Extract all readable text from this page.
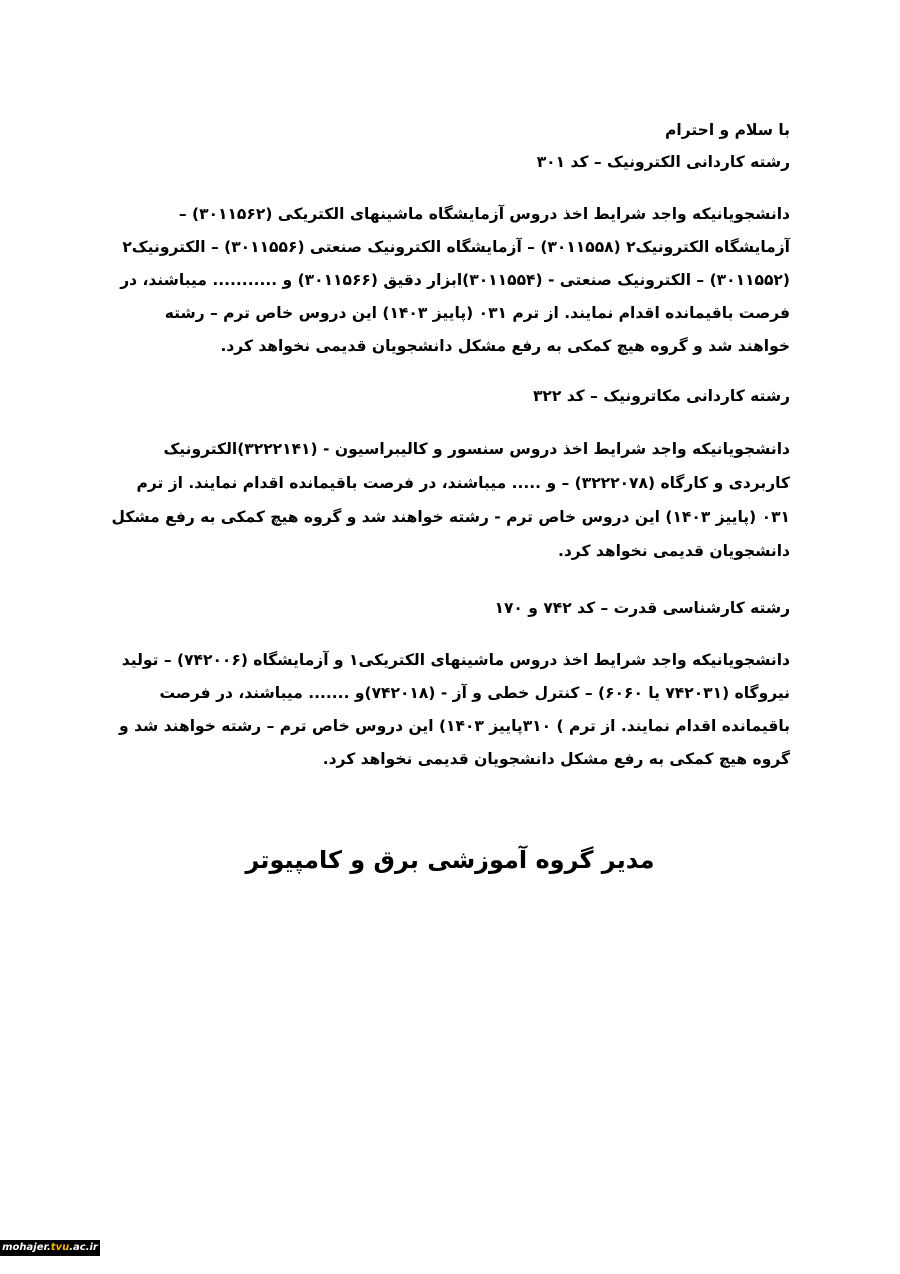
با سلام و احترام

رشته کاردانی الکترونیک – کد ۳۰۱

دانشجویانیکه واجد شرایط اخذ دروس آزمایشگاه ماشینهای الکتریکی (۳۰۱۱۵۶۲) – آزمایشگاه الکترونیک۲ (۳۰۱۱۵۵۸) – آزمایشگاه الکترونیک صنعتی (۳۰۱۱۵۵۶) – الکترونیک۲ (۳۰۱۱۵۵۲) – الکترونیک صنعتی - (۳۰۱۱۵۵۴)ابزار دقیق (۳۰۱۱۵۶۶) و ........... میباشند، در فرصت باقیمانده اقدام نمایند. از ترم ۰۳۱ (پاییز ۱۴۰۳) این دروس خاص ترم – رشته خواهند شد و گروه هیچ کمکی به رفع مشکل دانشجویان قدیمی نخواهد کرد.

رشته کاردانی مکاترونیک – کد ۳۲۲

دانشجویانیکه واجد شرایط اخذ دروس سنسور و کالیبراسیون - (۳۲۲۲۱۴۱)الکترونیک کاربردی و کارگاه (۳۲۲۲۰۷۸) – و ..... میباشند، در فرصت باقیمانده اقدام نمایند. از ترم ۰۳۱ (پاییز ۱۴۰۳) این دروس خاص ترم - رشته خواهند شد و گروه هیچ کمکی به رفع مشکل دانشجویان قدیمی نخواهد کرد.

رشته کارشناسی قدرت – کد ۷۴۲ و ۱۷۰

دانشجویانیکه واجد شرایط اخذ دروس ماشینهای الکتریکی۱ و آزمایشگاه (۷۴۲۰۰۶) – تولید نیروگاه (۷۴۲۰۳۱ یا ۶۰۶۰) – کنترل خطی و آز - (۷۴۲۰۱۸)و ....... میباشند، در فرصت باقیمانده اقدام نمایند. از ترم ) ۳۱۰پاییز ۱۴۰۳) این دروس خاص ترم – رشته خواهند شد و گروه هیچ کمکی به رفع مشکل دانشجویان قدیمی نخواهد کرد.

مدیر گروه آموزشی برق و کامپیوتر

mohajer.tvu.ac.ir
